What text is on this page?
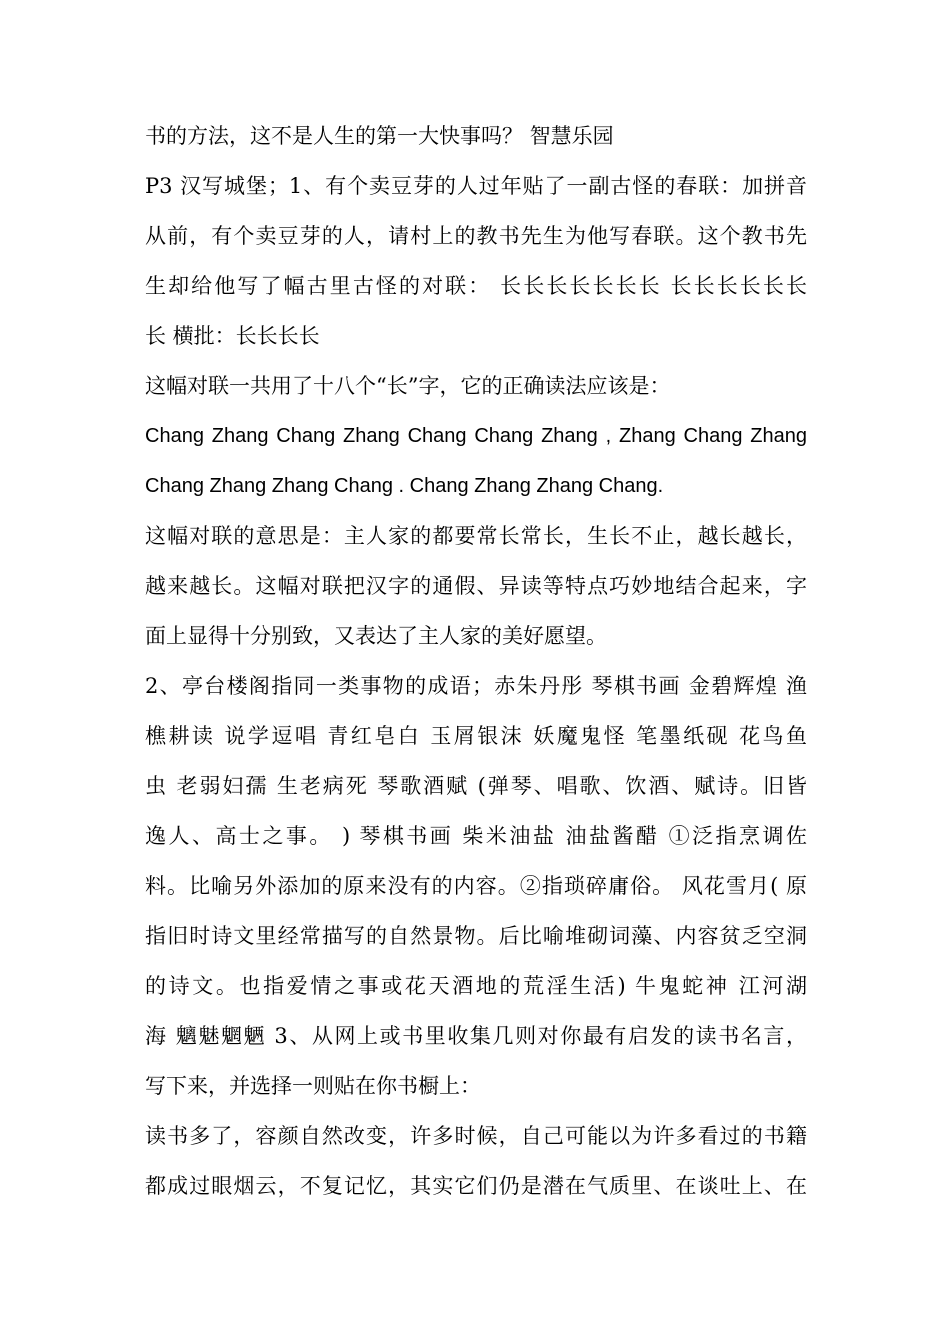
书的方法，这不是人生的第一大快事吗？ 智慧乐园
P3 汉写城堡；1、有个卖豆芽的人过年贴了一副古怪的春联：加拼音
从前，有个卖豆芽的人，请村上的教书先生为他写春联。这个教书先
生却给他写了幅古里古怪的对联： 长长长长长长长 长长长长长长
长 横批：长长长长
这幅对联一共用了十八个“长”字，它的正确读法应该是：
Chang Zhang Chang Zhang Chang Chang Zhang , Zhang Chang Zhang
Chang Zhang Zhang Chang . Chang Zhang Zhang Chang.
这幅对联的意思是：主人家的都要常长常长，生长不止，越长越长，
越来越长。这幅对联把汉字的通假、异读等特点巧妙地结合起来，字
面上显得十分别致，又表达了主人家的美好愿望。
2、亭台楼阁指同一类事物的成语；赤朱丹彤 琴棋书画 金碧辉煌 渔
樵耕读 说学逗唱 青红皂白 玉屑银沫 妖魔鬼怪 笔墨纸砚 花鸟鱼
虫 老弱妇孺 生老病死 琴歌酒赋 (弹琴、唱歌、饮酒、赋诗。旧皆
逸人、高士之事。 ) 琴棋书画 柴米油盐 油盐酱醋 ①泛指烹调佐
料。比喻另外添加的原来没有的内容。②指琐碎庸俗。 风花雪月( 原
指旧时诗文里经常描写的自然景物。后比喻堆砌词藻、内容贫乏空洞
的诗文。也指爱情之事或花天酒地的荒淫生活) 牛鬼蛇神 江河湖
海 魑魅魍魉 3、从网上或书里收集几则对你最有启发的读书名言，
写下来，并选择一则贴在你书橱上：
读书多了，容颜自然改变，许多时候，自己可能以为许多看过的书籍
都成过眼烟云，不复记忆，其实它们仍是潜在气质里、在谈吐上、在
